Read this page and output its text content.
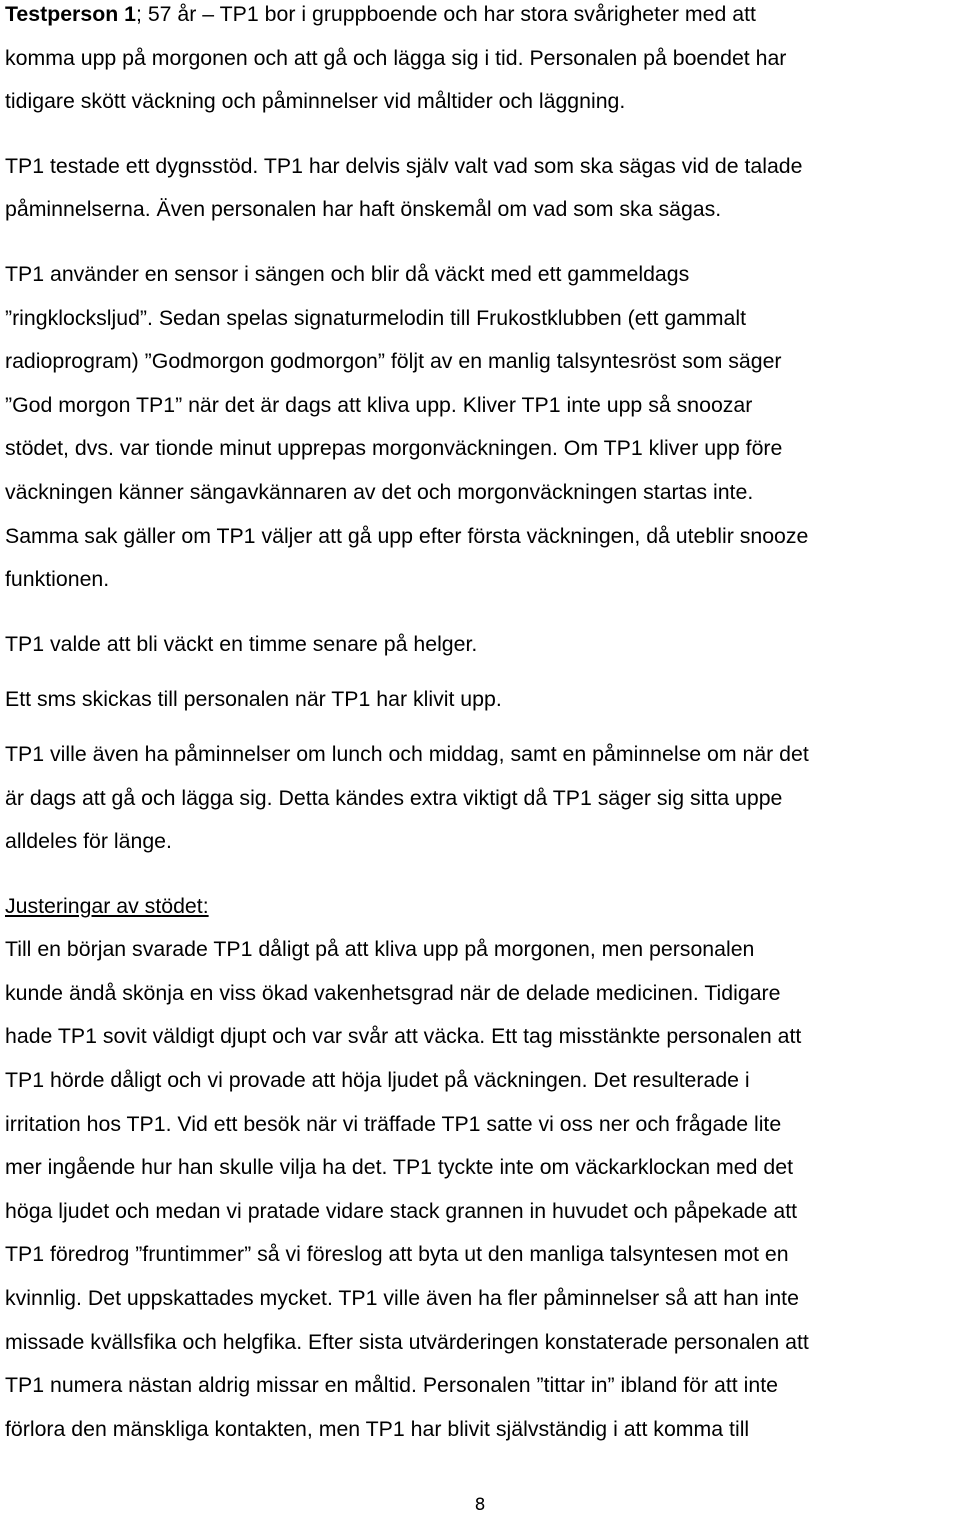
Testperson 1; 57 år – TP1 bor i gruppboende och har stora svårigheter med att
komma upp på morgonen och att gå och lägga sig i tid. Personalen på boendet har
tidigare skött väckning och påminnelser vid måltider och läggning.

TP1 testade ett dygnsstöd. TP1 har delvis själv valt vad som ska sägas vid de talade
påminnelserna. Även personalen har haft önskemål om vad som ska sägas.

TP1 använder en sensor i sängen och blir då väckt med ett gammeldags
”ringklocksljud”. Sedan spelas signaturmelodin till Frukostklubben (ett gammalt
radioprogram) ”Godmorgon godmorgon” följt av en manlig talsyntesröst som säger
”God morgon TP1” när det är dags att kliva upp. Kliver TP1 inte upp så snoozar
stödet, dvs. var tionde minut upprepas morgonväckningen. Om TP1 kliver upp före
väckningen känner sängavkännaren av det och morgonväckningen startas inte.
Samma sak gäller om TP1 väljer att gå upp efter första väckningen, då uteblir snooze
funktionen.

TP1 valde att bli väckt en timme senare på helger.

Ett sms skickas till personalen när TP1 har klivit upp.

TP1 ville även ha påminnelser om lunch och middag, samt en påminnelse om när det
är dags att gå och lägga sig. Detta kändes extra viktigt då TP1 säger sig sitta uppe
alldeles för länge.

Justeringar av stödet:
Till en början svarade TP1 dåligt på att kliva upp på morgonen, men personalen
kunde ändå skönja en viss ökad vakenhetsgrad när de delade medicinen. Tidigare
hade TP1 sovit väldigt djupt och var svår att väcka. Ett tag misstänkte personalen att
TP1 hörde dåligt och vi provade att höja ljudet på väckningen. Det resulterade i
irritation hos TP1. Vid ett besök när vi träffade TP1 satte vi oss ner och frågade lite
mer ingående hur han skulle vilja ha det. TP1 tyckte inte om väckarklockan med det
höga ljudet och medan vi pratade vidare stack grannen in huvudet och påpekade att
TP1 föredrog ”fruntimmer” så vi föreslog att byta ut den manliga talsyntesen mot en
kvinnlig. Det uppskattades mycket. TP1 ville även ha fler påminnelser så att han inte
missade kvällsfika och helgfika. Efter sista utvärderingen konstaterade personalen att
TP1 numera nästan aldrig missar en måltid. Personalen ”tittar in” ibland för att inte
förlora den mänskliga kontakten, men TP1 har blivit självständig i att komma till

8
